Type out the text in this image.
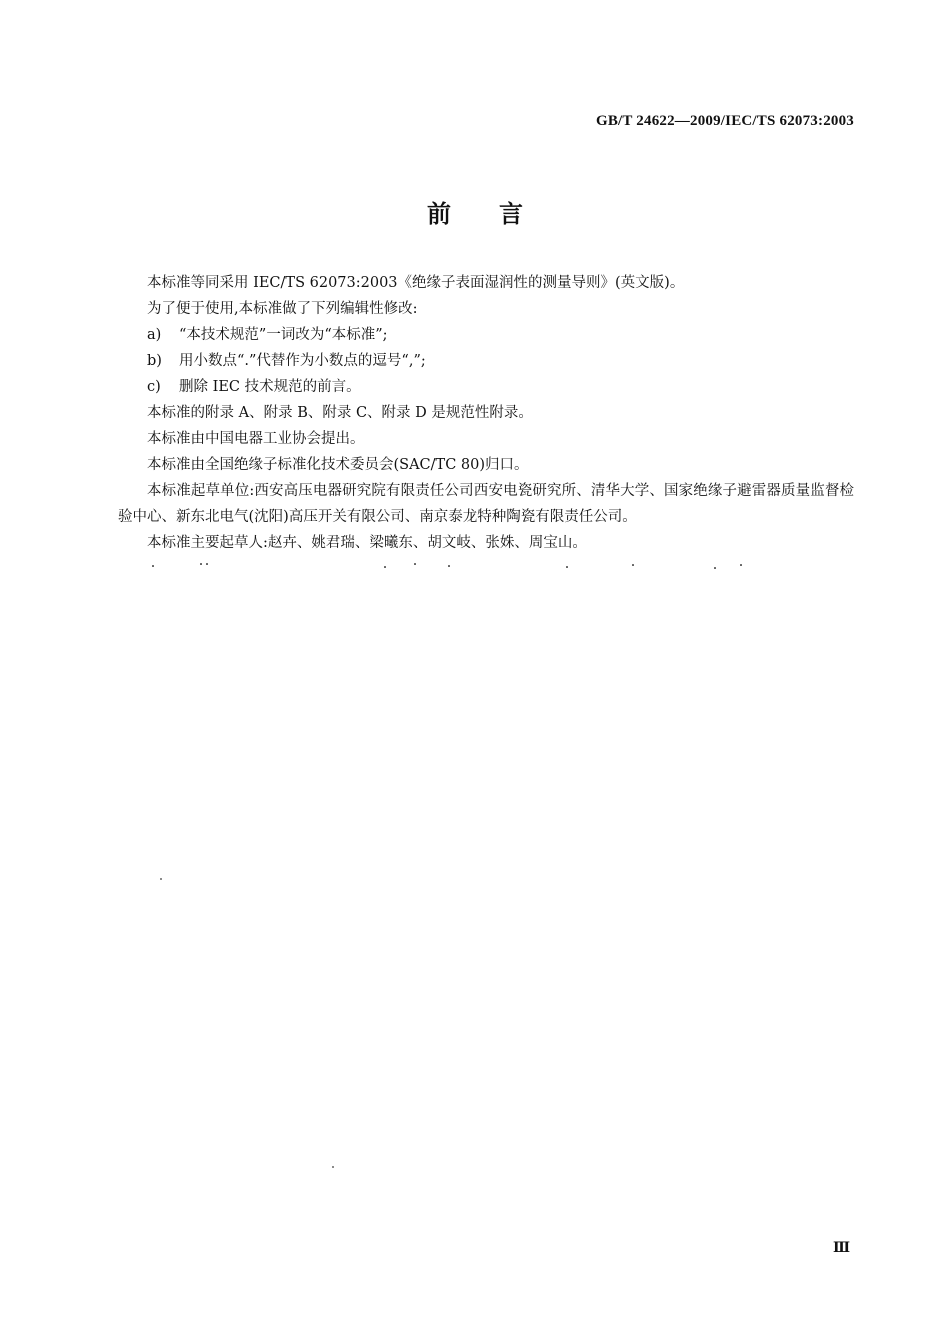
GB/T 24622—2009/IEC/TS 62073:2003
前言

本标准等同采用 IEC/TS 62073:2003《绝缘子表面湿润性的测量导则》(英文版)。

为了便于使用,本标准做了下列编辑性修改:

a) “本技术规范”一词改为“本标准”;

b) 用小数点“.”代替作为小数点的逗号“,”;

c) 删除 IEC 技术规范的前言。

本标准的附录 A、附录 B、附录 C、附录 D 是规范性附录。

本标准由中国电器工业协会提出。

本标准由全国绝缘子标准化技术委员会(SAC/TC 80)归口。

本标准起草单位:西安高压电器研究院有限责任公司西安电瓷研究所、清华大学、国家绝缘子避雷器质量监督检验中心、新东北电气(沈阳)高压开关有限公司、南京泰龙特种陶瓷有限责任公司。

本标准主要起草人:赵卉、姚君瑞、梁曦东、胡文岐、张姝、周宝山。

Ⅲ
